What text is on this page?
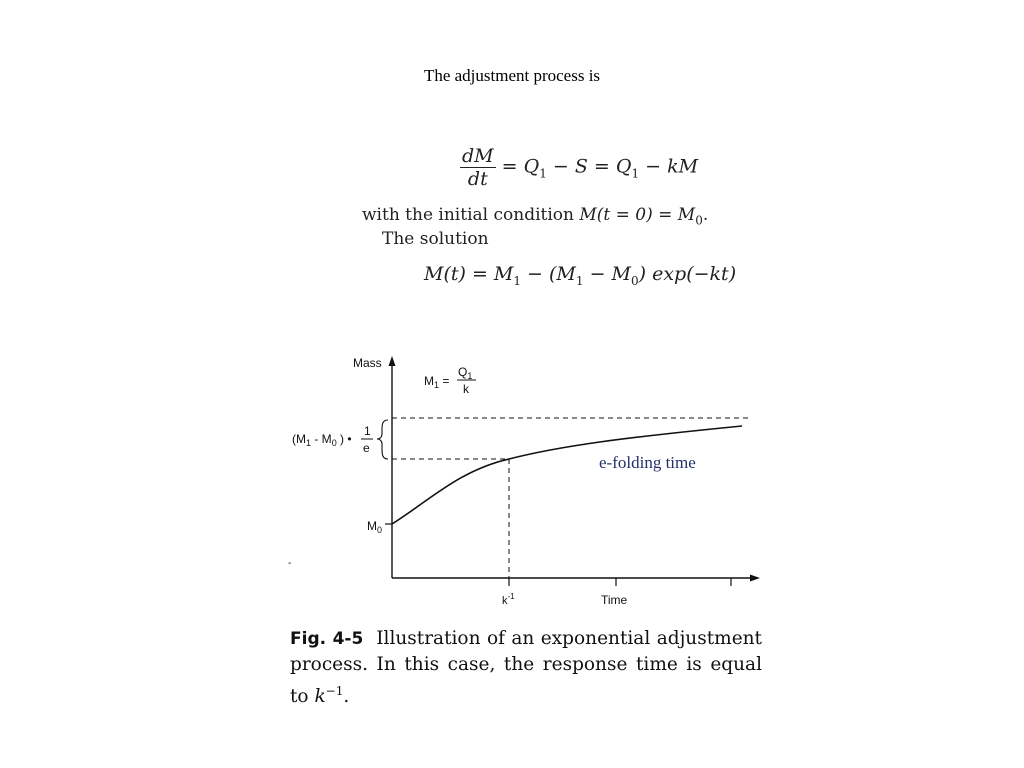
The adjustment process is
$\frac{dM}{dt} = Q_1 - S = Q_1$ − kM
with the initial condition $M(t = 0) = M_0$.
The solution
$M(t) = M_1 - (M_1 - M_0)$ exp(−kt)
Mass
Time
$M_1$ =
$Q_1$
k
$M_0$
($M_1 - M_0$ ) •
1
e
$k^{-1}$
e-folding time
-
Fig. 4-5 Illustration of an exponential adjustment process. In this case, the response time is equal to $k^{-1}$.
